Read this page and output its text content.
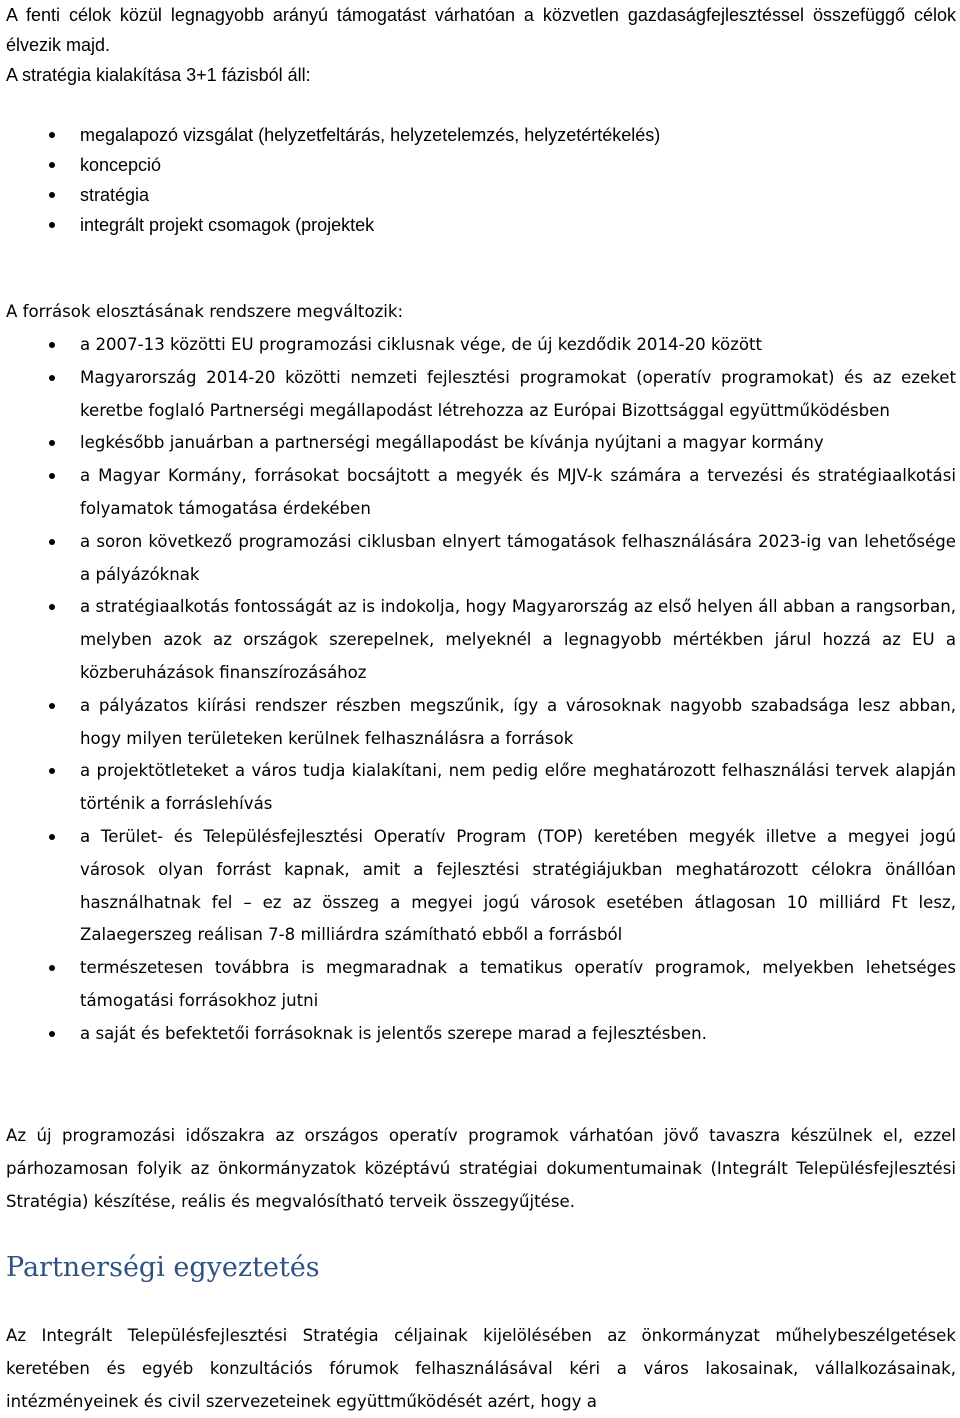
A fenti célok közül legnagyobb arányú támogatást várhatóan a közvetlen gazdaságfejlesztéssel összefüggő célok élvezik majd.

A stratégia kialakítása 3+1 fázisból áll:

megalapozó vizsgálat (helyzetfeltárás, helyzetelemzés, helyzetértékelés)
koncepció
stratégia
integrált projekt csomagok (projektek

A források elosztásának rendszere megváltozik:

a 2007-13 közötti EU programozási ciklusnak vége, de új kezdődik 2014-20 között
Magyarország 2014-20 közötti nemzeti fejlesztési programokat (operatív programokat) és az ezeket keretbe foglaló Partnerségi megállapodást létrehozza az Európai Bizottsággal együttműködésben
legkésőbb januárban a partnerségi megállapodást be kívánja nyújtani a magyar kormány
a Magyar Kormány, forrásokat bocsájtott a megyék és MJV-k számára a tervezési és stratégiaalkotási folyamatok támogatása érdekében
a soron következő programozási ciklusban elnyert támogatások felhasználására 2023-ig van lehetősége a pályázóknak
a stratégiaalkotás fontosságát az is indokolja, hogy Magyarország az első helyen áll abban a rangsorban, melyben azok az országok szerepelnek, melyeknél a legnagyobb mértékben járul hozzá az EU a közberuházások finanszírozásához
a pályázatos kiírási rendszer részben megszűnik, így a városoknak nagyobb szabadsága lesz abban, hogy milyen területeken kerülnek felhasználásra a források
a projektötleteket a város tudja kialakítani, nem pedig előre meghatározott felhasználási tervek alapján történik a forráslehívás
a Terület- és Településfejlesztési Operatív Program (TOP) keretében megyék illetve a megyei jogú városok olyan forrást kapnak, amit a fejlesztési stratégiájukban meghatározott célokra önállóan használhatnak fel – ez az összeg a megyei jogú városok esetében átlagosan 10 milliárd Ft lesz, Zalaegerszeg reálisan 7-8 milliárdra számítható ebből a forrásból
természetesen továbbra is megmaradnak a tematikus operatív programok, melyekben lehetséges támogatási forrásokhoz jutni
a saját és befektetői forrásoknak is jelentős szerepe marad a fejlesztésben.

Az új programozási időszakra az országos operatív programok várhatóan jövő tavaszra készülnek el, ezzel párhozamosan folyik az önkormányzatok középtávú stratégiai dokumentumainak (Integrált Településfejlesztési Stratégia) készítése, reális és megvalósítható terveik összegyűjtése.

Partnerségi egyeztetés

Az Integrált Településfejlesztési Stratégia céljainak kijelölésében az önkormányzat műhelybeszélgetések keretében és egyéb konzultációs fórumok felhasználásával kéri a város lakosainak, vállalkozásainak, intézményeinek és civil szervezeteinek együttműködését azért, hogy a
